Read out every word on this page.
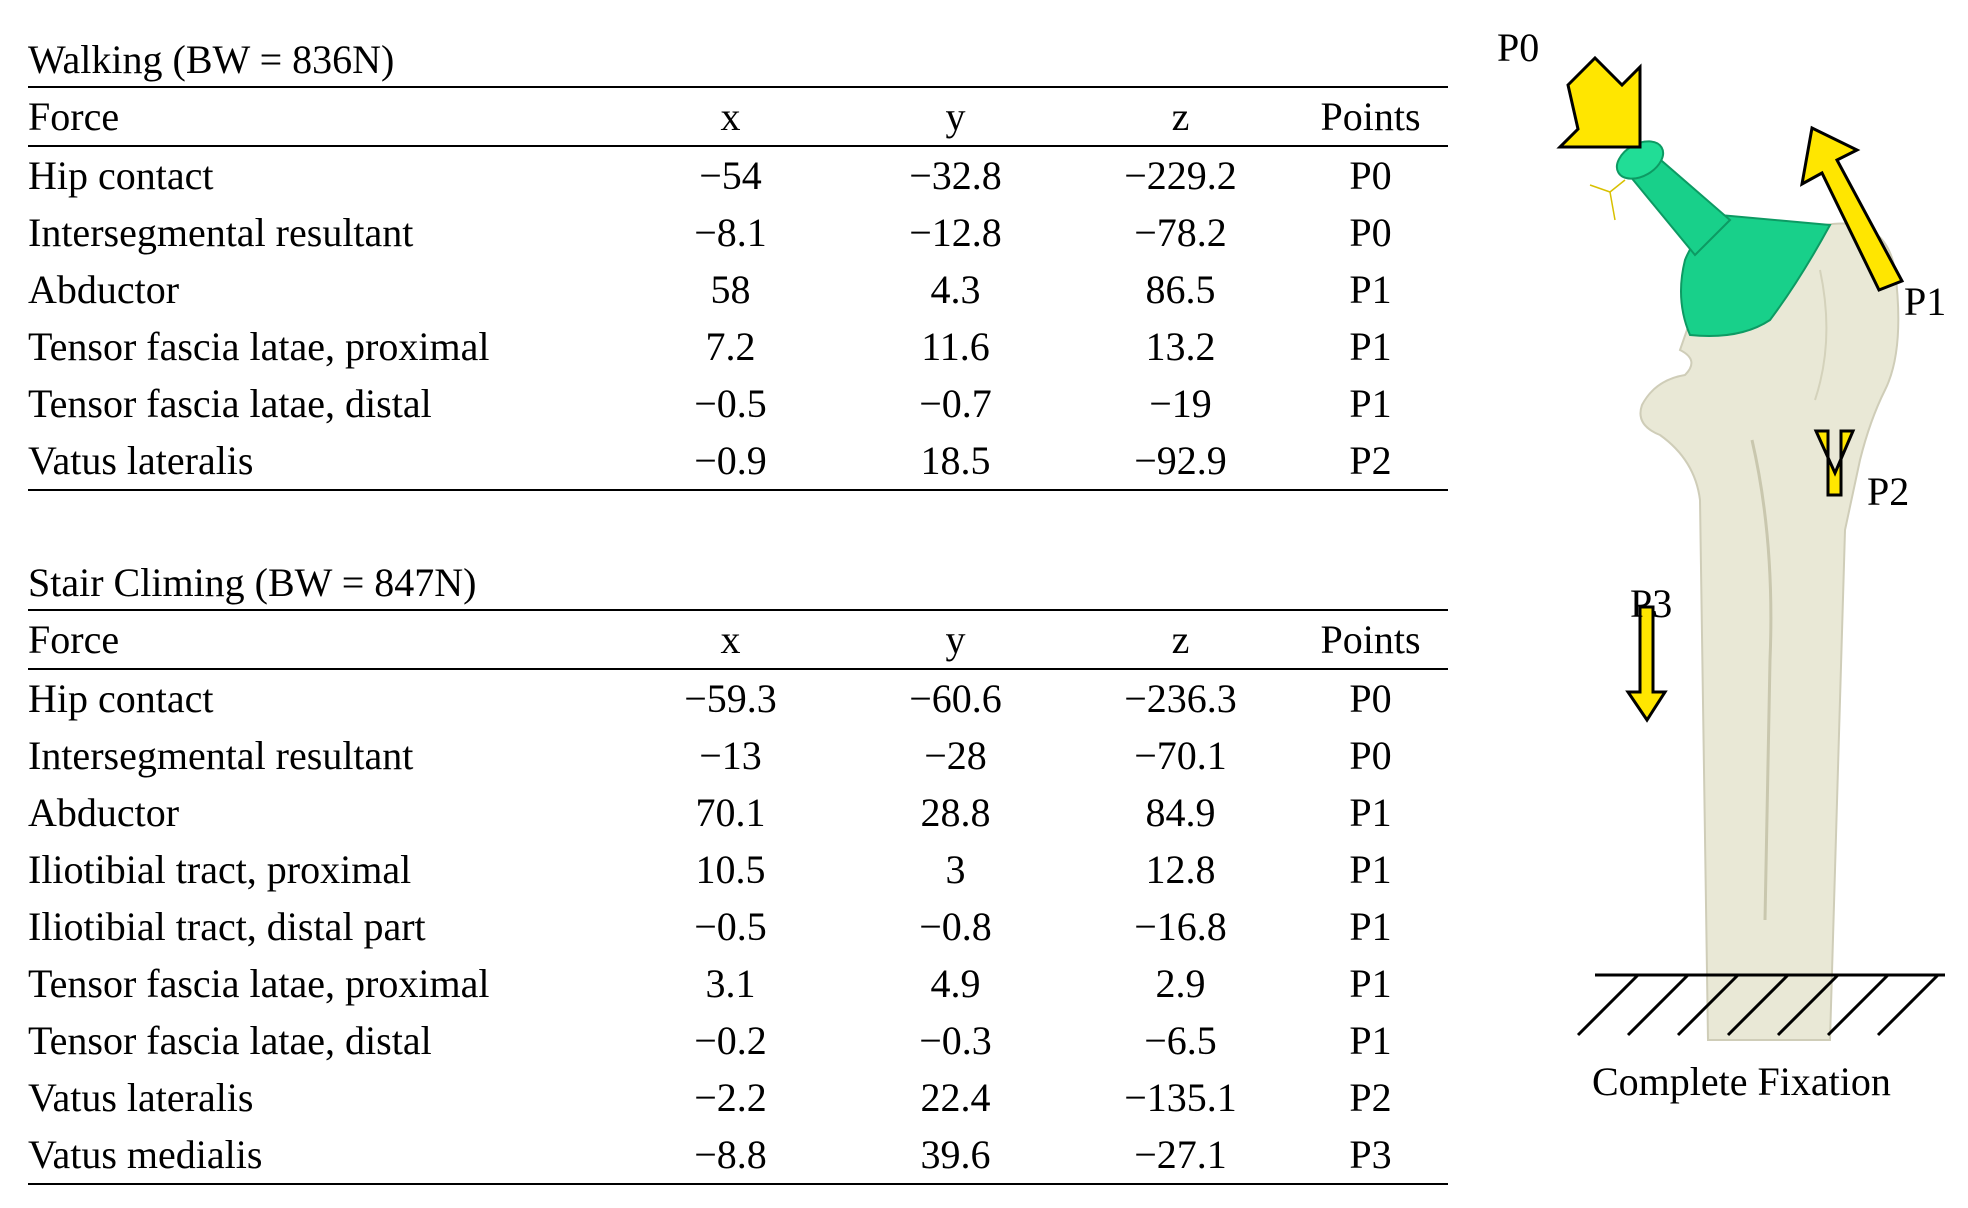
Walking (BW = 836N)
Force	x	y	z	Points
Hip contact	−54	−32.8	−229.2	P0
Intersegmental resultant	−8.1	−12.8	−78.2	P0
Abductor	58	4.3	86.5	P1
Tensor fascia latae, proximal	7.2	11.6	13.2	P1
Tensor fascia latae, distal	−0.5	−0.7	−19	P1
Vatus lateralis	−0.9	18.5	−92.9	P2
Stair Climing (BW = 847N)
Force	x	y	z	Points
Hip contact	−59.3	−60.6	−236.3	P0
Intersegmental resultant	−13	−28	−70.1	P0
Abductor	70.1	28.8	84.9	P1
Iliotibial tract, proximal	10.5	3	12.8	P1
Iliotibial tract, distal part	−0.5	−0.8	−16.8	P1
Tensor fascia latae, proximal	3.1	4.9	2.9	P1
Tensor fascia latae, distal	−0.2	−0.3	−6.5	P1
Vatus lateralis	−2.2	22.4	−135.1	P2
Vatus medialis	−8.8	39.6	−27.1	P3
P0
P1
P2
P3
Complete Fixation
